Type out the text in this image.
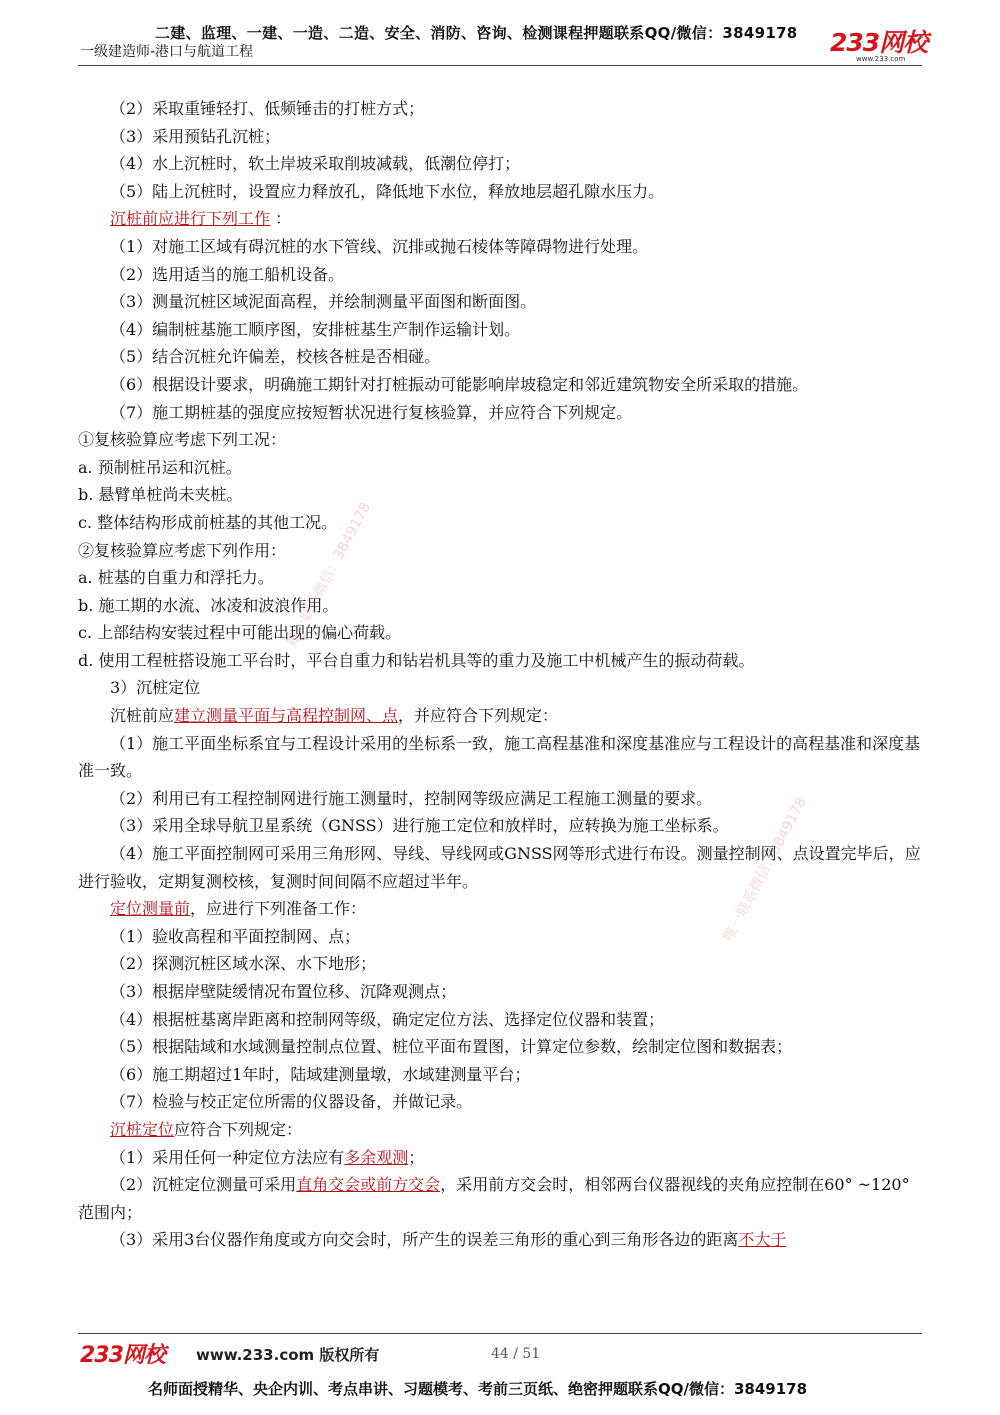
二建、监理、一建、一造、二造、安全、消防、咨询、检测课程押题联系QQ/微信：3849178
一级建造师-港口与航道工程	233网校
www.233.com
（2）采取重锤轻打、低频锤击的打桩方式；
（3）采用预钻孔沉桩；
（4）水上沉桩时，软土岸坡采取削坡减载，低潮位停打；
（5）陆上沉桩时，设置应力释放孔，降低地下水位，释放地层超孔隙水压力。
沉桩前应进行下列工作 ：
（1）对施工区域有碍沉桩的水下管线、沉排或抛石棱体等障碍物进行处理。
（2）选用适当的施工船机设备。
（3）测量沉桩区域泥面高程，并绘制测量平面图和断面图。
（4）编制桩基施工顺序图，安排桩基生产制作运输计划。
（5）结合沉桩允许偏差，校核各桩是否相碰。
（6）根据设计要求，明确施工期针对打桩振动可能影响岸坡稳定和邻近建筑物安全所采取的措施。
（7）施工期桩基的强度应按短暂状况进行复核验算，并应符合下列规定。
①复核验算应考虑下列工况：
a. 预制桩吊运和沉桩。
b. 悬臂单桩尚未夹桩。
c. 整体结构形成前桩基的其他工况。
②复核验算应考虑下列作用：
a. 桩基的自重力和浮托力。
b. 施工期的水流、冰凌和波浪作用。
c. 上部结构安装过程中可能出现的偏心荷载。
d. 使用工程桩搭设施工平台时，平台自重力和钻岩机具等的重力及施工中机械产生的振动荷载。
3）沉桩定位
沉桩前应建立测量平面与高程控制网、点，并应符合下列规定：
（1）施工平面坐标系宜与工程设计采用的坐标系一致，施工高程基准和深度基准应与工程设计的高程基准和深度基准一致。
（2）利用已有工程控制网进行施工测量时，控制网等级应满足工程施工测量的要求。
（3）采用全球导航卫星系统（GNSS）进行施工定位和放样时，应转换为施工坐标系。
（4）施工平面控制网可采用三角形网、导线、导线网或GNSS网等形式进行布设。测量控制网、点设置完毕后，应进行验收，定期复测校核，复测时间间隔不应超过半年。
定位测量前，应进行下列准备工作：
（1）验收高程和平面控制网、点；
（2）探测沉桩区域水深、水下地形；
（3）根据岸壁陡缓情况布置位移、沉降观测点；
（4）根据桩基离岸距离和控制网等级，确定定位方法、选择定位仪器和装置；
（5）根据陆域和水域测量控制点位置、桩位平面布置图，计算定位参数，绘制定位图和数据表；
（6）施工期超过1年时，陆域建测量墩，水域建测量平台；
（7）检验与校正定位所需的仪器设备，并做记录。
沉桩定位应符合下列规定：
（1）采用任何一种定位方法应有多余观测；
（2）沉桩定位测量可采用直角交会或前方交会，采用前方交会时，相邻两台仪器视线的夹角应控制在60° ~120° 范围内；
（3）采用3台仪器作角度或方向交会时，所产生的误差三角形的重心到三角形各边的距离不大于
唯一联系微信：3849178
唯一联系微信：3849178
233网校 www.233.com 版权所有	44 / 51
名师面授精华、央企内训、考点串讲、习题模考、考前三页纸、绝密押题联系QQ/微信：3849178
